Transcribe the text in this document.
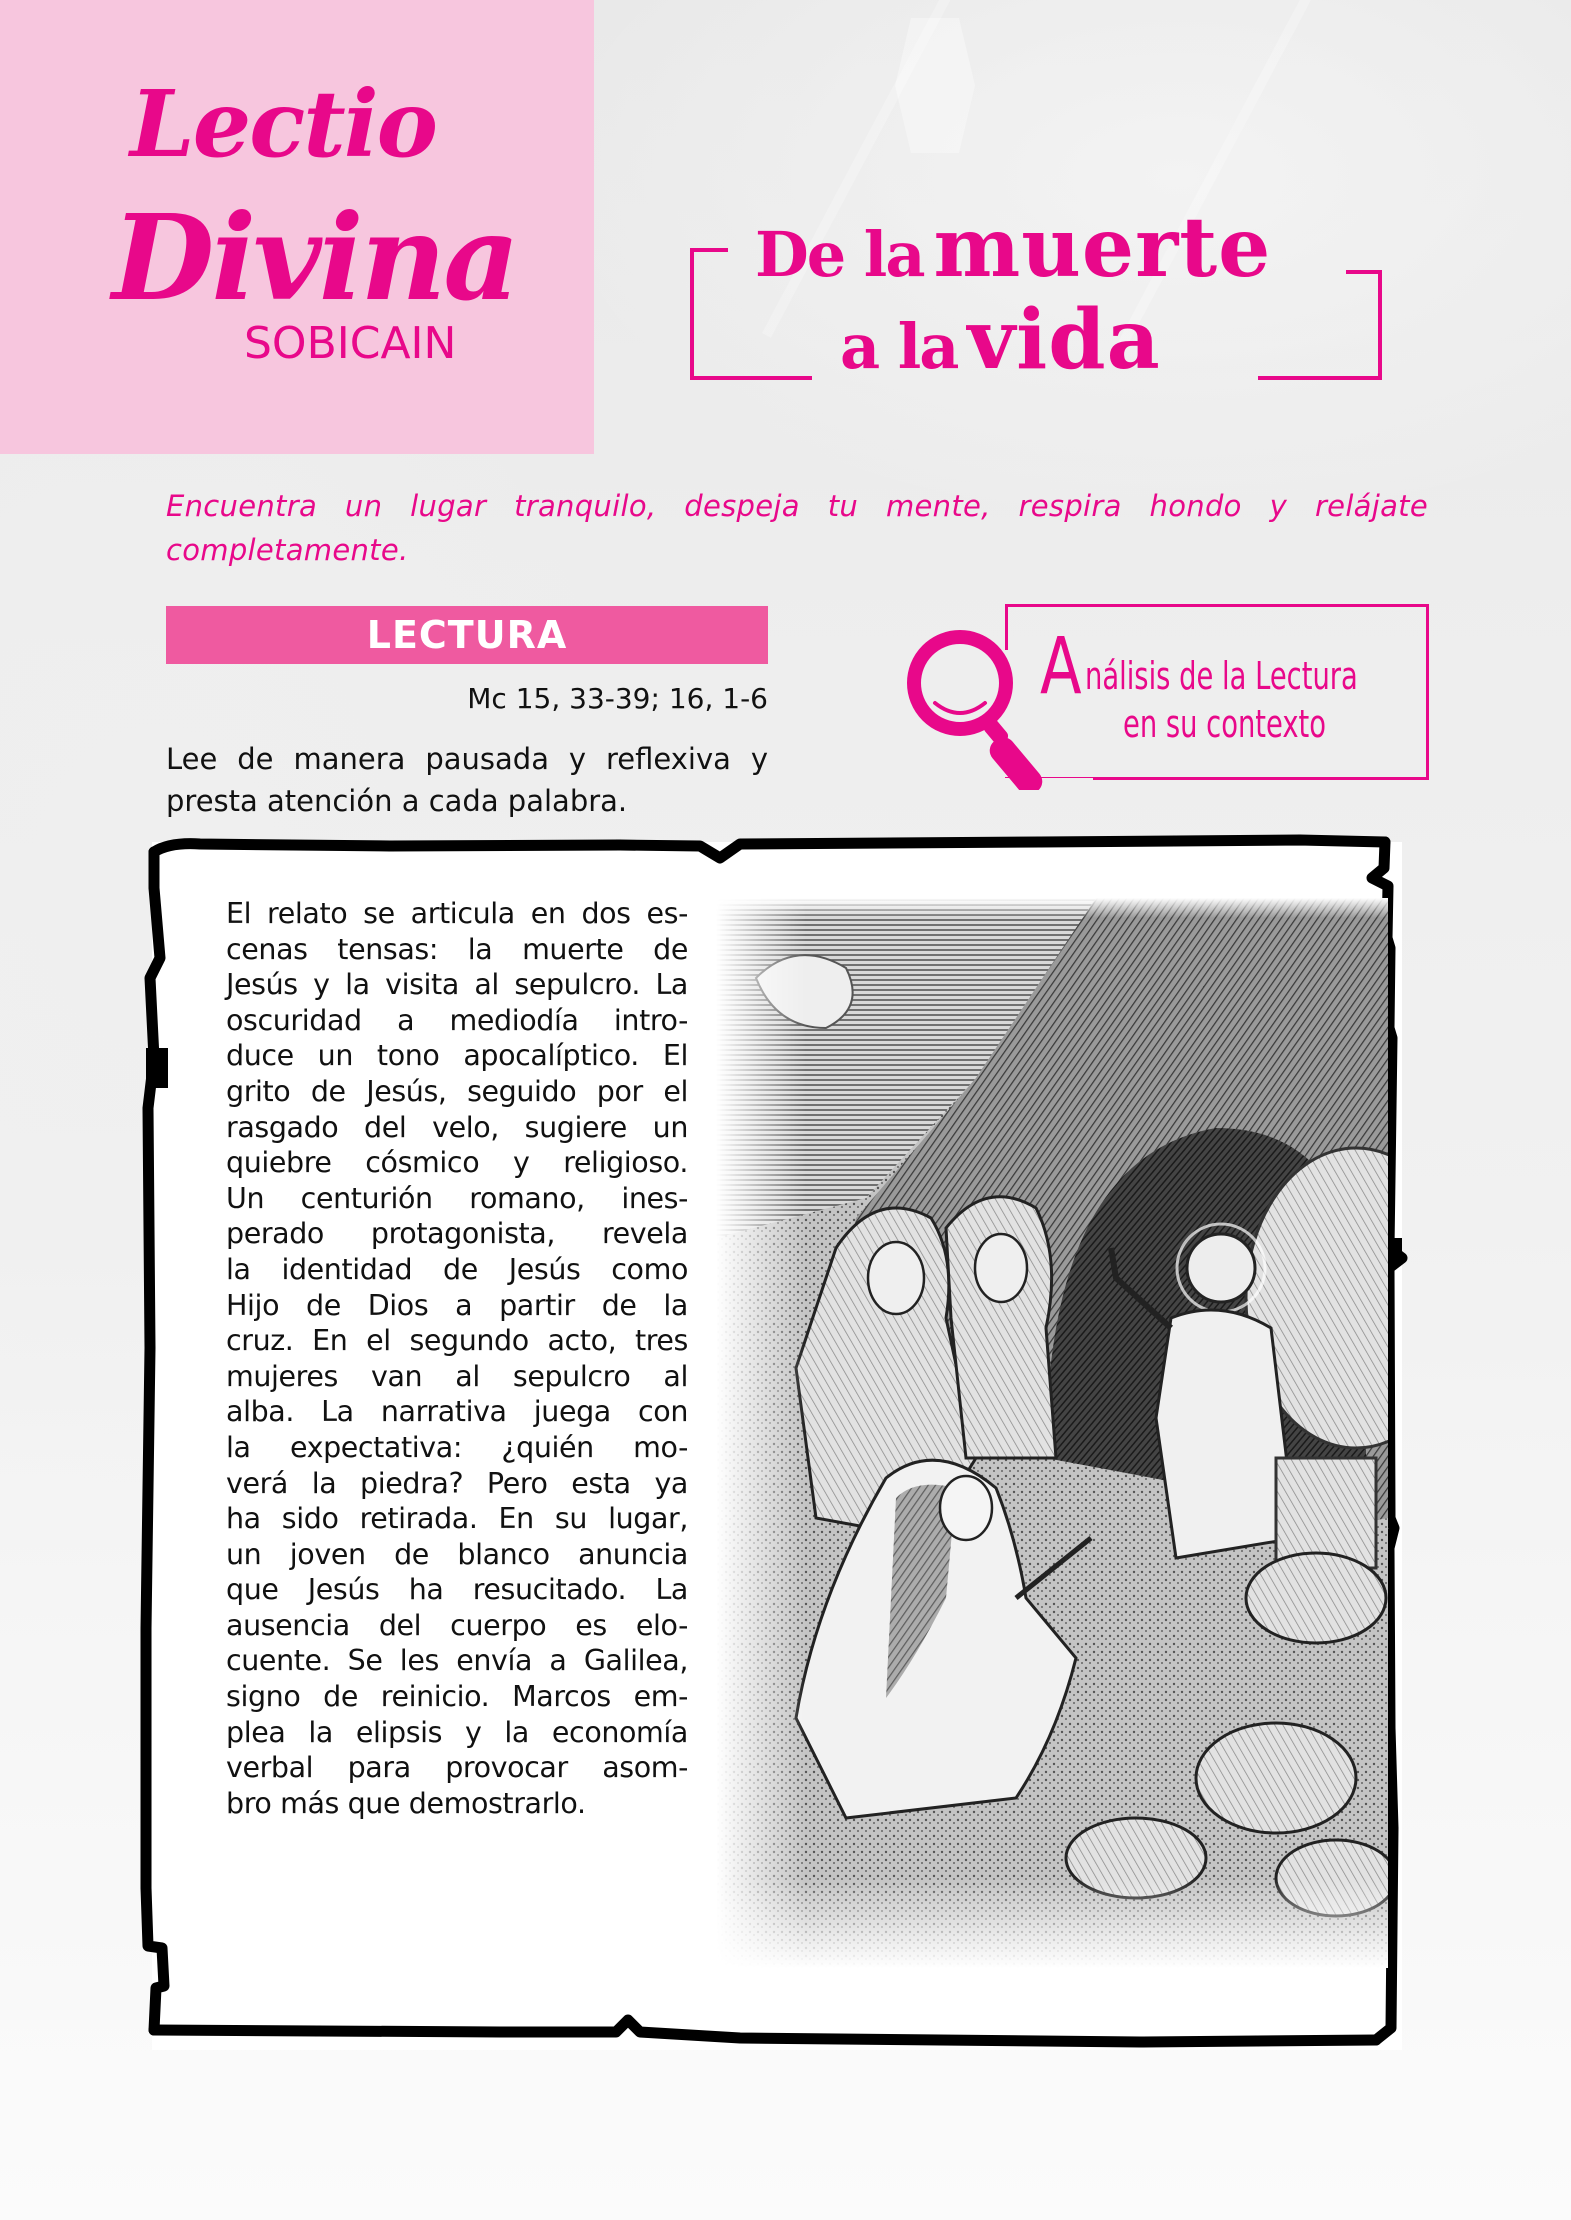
Lectio
Divina
SOBICAIN
De la muerte
a la vida

Encuentra un lugar tranquilo, despeja tu mente, respira hondo y relájate completamente.

LECTURA
Mc 15, 33-39; 16, 1-6

Lee de manera pausada y reflexiva y presta atención a cada palabra.

A nálisis de la Lectura
en su contexto
El relato se articula en dos es-
cenas tensas: la muerte de
Jesús y la visita al sepulcro. La
oscuridad a mediodía intro-
duce un tono apocalíptico. El
grito de Jesús, seguido por el
rasgado del velo, sugiere un
quiebre cósmico y religioso.
Un centurión romano, ines-
perado protagonista, revela
la identidad de Jesús como
Hijo de Dios a partir de la
cruz. En el segundo acto, tres
mujeres van al sepulcro al
alba. La narrativa juega con
la expectativa: ¿quién mo-
verá la piedra? Pero esta ya
ha sido retirada. En su lugar,
un joven de blanco anuncia
que Jesús ha resucitado. La
ausencia del cuerpo es elo-
cuente. Se les envía a Galilea,
signo de reinicio. Marcos em-
plea la elipsis y la economía
verbal para provocar asom-
bro más que demostrarlo.
